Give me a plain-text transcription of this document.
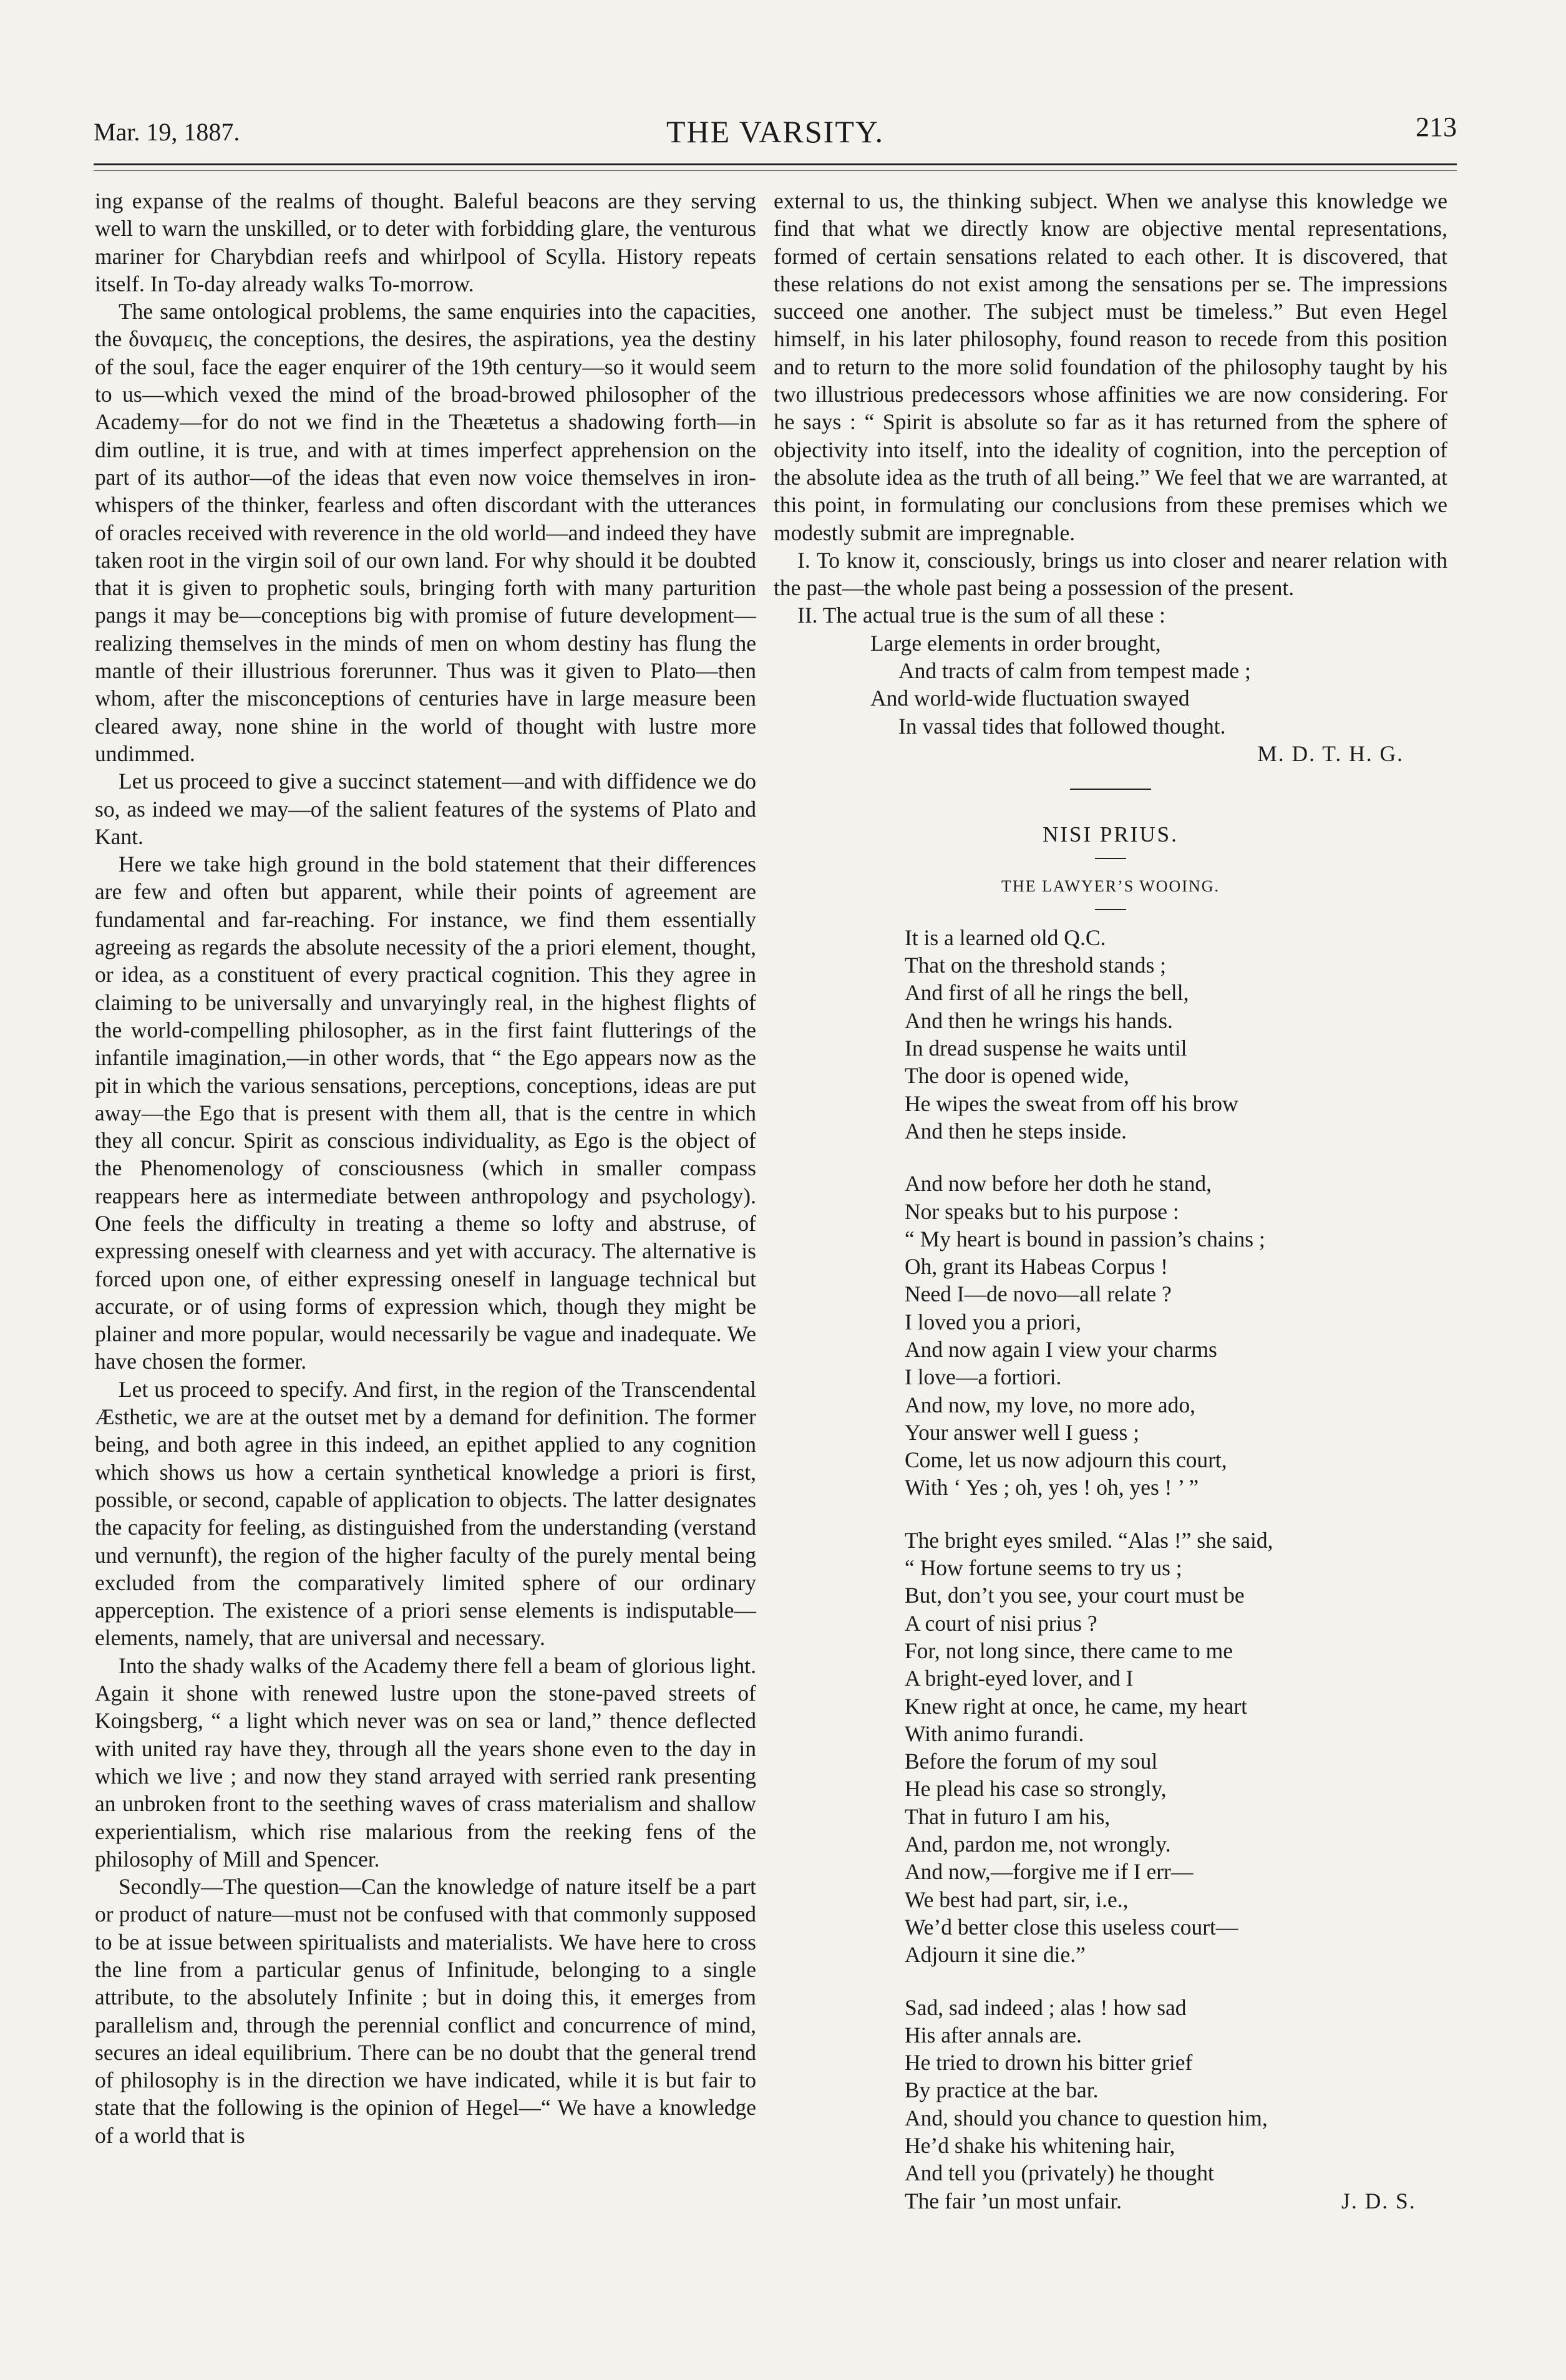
Mar. 19, 1887.	THE VARSITY.	213

ing expanse of the realms of thought. Baleful beacons are they serving well to warn the unskilled, or to deter with forbidding glare, the venturous mariner for Charybdian reefs and whirlpool of Scylla. History repeats itself. In To-day already walks To-morrow.

The same ontological problems, the same enquiries into the capacities, the δυναμεις, the conceptions, the desires, the aspirations, yea the destiny of the soul, face the eager enquirer of the 19th century—so it would seem to us—which vexed the mind of the broad-browed philosopher of the Academy—for do not we find in the Theætetus a shadowing forth—in dim outline, it is true, and with at times imperfect apprehension on the part of its author—of the ideas that even now voice themselves in iron-whispers of the thinker, fearless and often discordant with the utterances of oracles received with reverence in the old world—and indeed they have taken root in the virgin soil of our own land. For why should it be doubted that it is given to prophetic souls, bringing forth with many parturition pangs it may be—conceptions big with promise of future development—realizing themselves in the minds of men on whom destiny has flung the mantle of their illustrious forerunner. Thus was it given to Plato—then whom, after the misconceptions of centuries have in large measure been cleared away, none shine in the world of thought with lustre more undimmed.

Let us proceed to give a succinct statement—and with diffidence we do so, as indeed we may—of the salient features of the systems of Plato and Kant.

Here we take high ground in the bold statement that their differences are few and often but apparent, while their points of agreement are fundamental and far-reaching. For instance, we find them essentially agreeing as regards the absolute necessity of the a priori element, thought, or idea, as a constituent of every practical cognition. This they agree in claiming to be universally and unvaryingly real, in the highest flights of the world-compelling philosopher, as in the first faint flutterings of the infantile imagination,—in other words, that “ the Ego appears now as the pit in which the various sensations, perceptions, conceptions, ideas are put away—the Ego that is present with them all, that is the centre in which they all concur. Spirit as conscious individuality, as Ego is the object of the Phenomenology of consciousness (which in smaller compass reappears here as intermediate between anthropology and psychology). One feels the difficulty in treating a theme so lofty and abstruse, of expressing oneself with clearness and yet with accuracy. The alternative is forced upon one, of either expressing oneself in language technical but accurate, or of using forms of expression which, though they might be plainer and more popular, would necessarily be vague and inadequate. We have chosen the former.

Let us proceed to specify. And first, in the region of the Transcendental Æsthetic, we are at the outset met by a demand for definition. The former being, and both agree in this indeed, an epithet applied to any cognition which shows us how a certain synthetical knowledge a priori is first, possible, or second, capable of application to objects. The latter designates the capacity for feeling, as distinguished from the understanding (verstand und vernunft), the region of the higher faculty of the purely mental being excluded from the comparatively limited sphere of our ordinary apperception. The existence of a priori sense elements is indisputable—elements, namely, that are universal and necessary.

Into the shady walks of the Academy there fell a beam of glorious light. Again it shone with renewed lustre upon the stone-paved streets of Koingsberg, “ a light which never was on sea or land,” thence deflected with united ray have they, through all the years shone even to the day in which we live ; and now they stand arrayed with serried rank presenting an unbroken front to the seething waves of crass materialism and shallow experientialism, which rise malarious from the reeking fens of the philosophy of Mill and Spencer.

Secondly—The question—Can the knowledge of nature itself be a part or product of nature—must not be confused with that commonly supposed to be at issue between spiritualists and materialists. We have here to cross the line from a particular genus of Infinitude, belonging to a single attribute, to the absolutely Infinite ; but in doing this, it emerges from parallelism and, through the perennial conflict and concurrence of mind, secures an ideal equilibrium. There can be no doubt that the general trend of philosophy is in the direction we have indicated, while it is but fair to state that the following is the opinion of Hegel—“ We have a knowledge of a world that is

external to us, the thinking subject. When we analyse this knowledge we find that what we directly know are objective mental representations, formed of certain sensations related to each other. It is discovered, that these relations do not exist among the sensations per se. The impressions succeed one another. The subject must be timeless.” But even Hegel himself, in his later philosophy, found reason to recede from this position and to return to the more solid foundation of the philosophy taught by his two illustrious predecessors whose affinities we are now considering. For he says : “ Spirit is absolute so far as it has returned from the sphere of objectivity into itself, into the ideality of cognition, into the perception of the absolute idea as the truth of all being.” We feel that we are warranted, at this point, in formulating our conclusions from these premises which we modestly submit are impregnable.

I. To know it, consciously, brings us into closer and nearer relation with the past—the whole past being a possession of the present.

II. The actual true is the sum of all these :

Large elements in order brought,
And tracts of calm from tempest made ;
And world-wide fluctuation swayed
In vassal tides that followed thought.
M. D. T. H. G.
NISI PRIUS.
THE LAWYER’S WOOING.
It is a learned old Q.C.
That on the threshold stands ;
And first of all he rings the bell,
And then he wrings his hands.
In dread suspense he waits until
The door is opened wide,
He wipes the sweat from off his brow
And then he steps inside.
And now before her doth he stand,
Nor speaks but to his purpose :
“ My heart is bound in passion’s chains ;
Oh, grant its Habeas Corpus !
Need I—de novo—all relate ?
I loved you a priori,
And now again I view your charms
I love—a fortiori.
And now, my love, no more ado,
Your answer well I guess ;
Come, let us now adjourn this court,
With ‘ Yes ; oh, yes ! oh, yes ! ’ ”
The bright eyes smiled. “Alas !” she said,
“ How fortune seems to try us ;
But, don’t you see, your court must be
A court of nisi prius ?
For, not long since, there came to me
A bright-eyed lover, and I
Knew right at once, he came, my heart
With animo furandi.
Before the forum of my soul
He plead his case so strongly,
That in futuro I am his,
And, pardon me, not wrongly.
And now,—forgive me if I err—
We best had part, sir, i.e.,
We’d better close this useless court—
Adjourn it sine die.”
Sad, sad indeed ; alas ! how sad
His after annals are.
He tried to drown his bitter grief
By practice at the bar.
And, should you chance to question him,
He’d shake his whitening hair,
And tell you (privately) he thought
The fair ’un most unfair.	J. D. S.
